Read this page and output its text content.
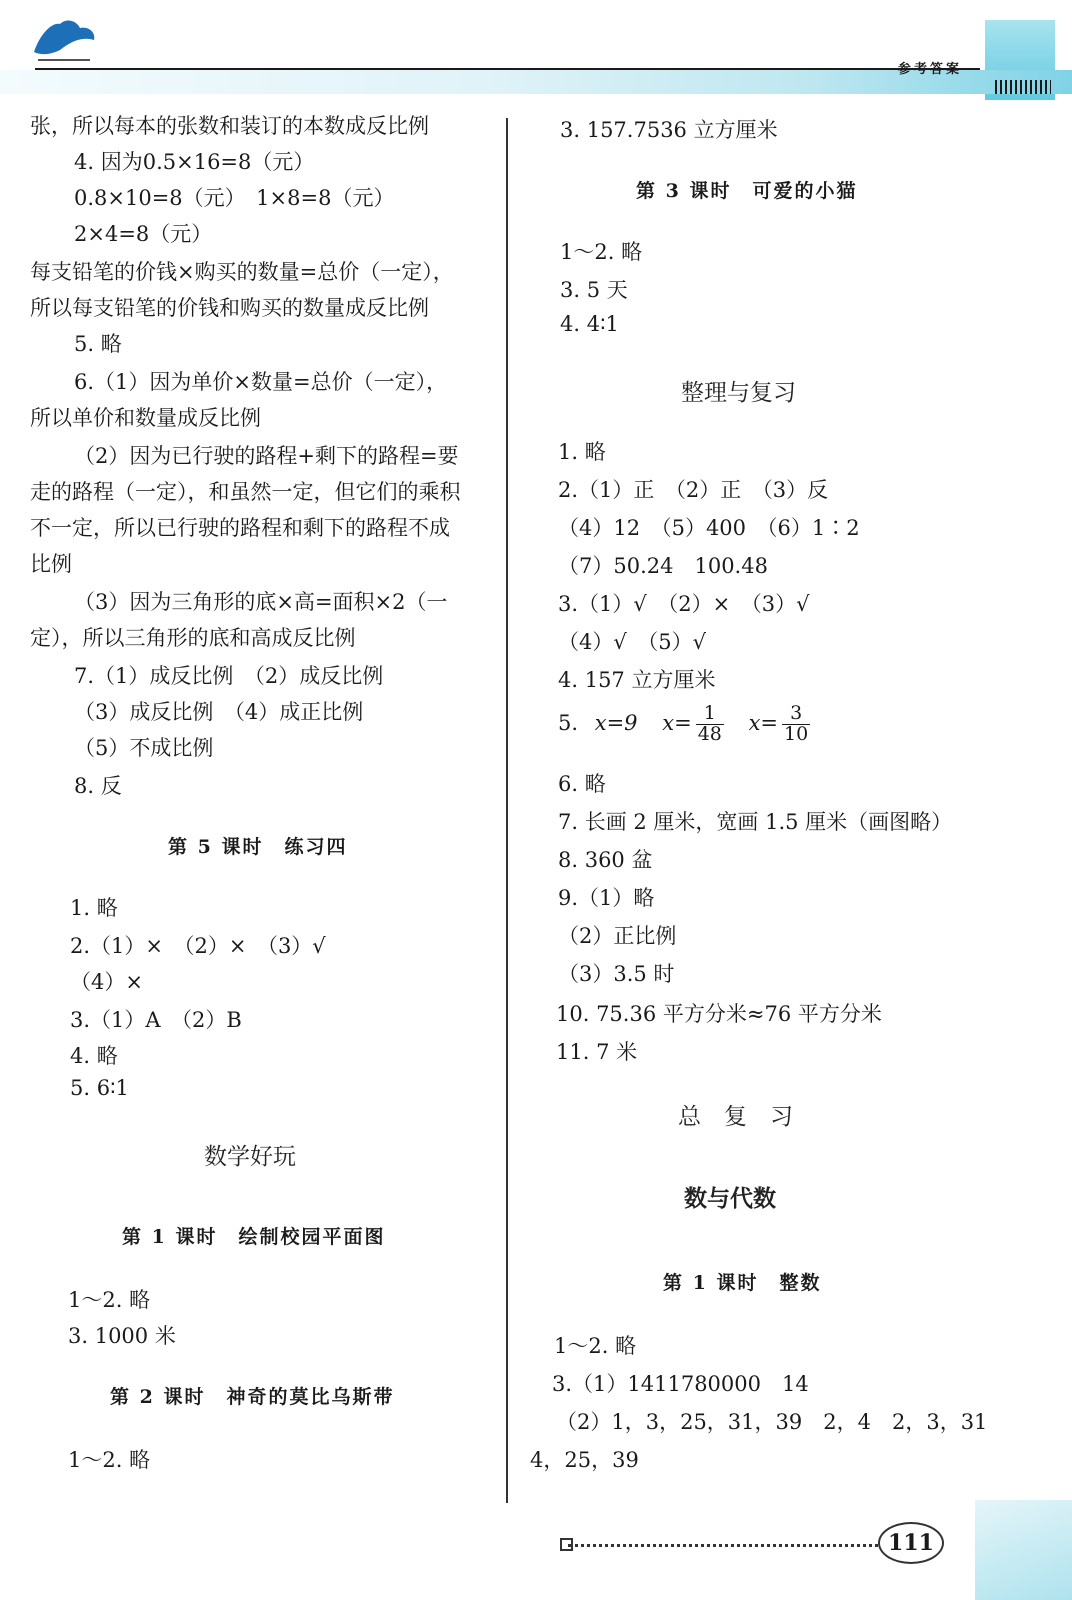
参考答案
张，所以每本的张数和装订的本数成反比例
4. 因为0.5×16=8（元）
0.8×10=8（元）　1×8=8（元）
2×4=8（元）
每支铅笔的价钱×购买的数量=总价（一定），
所以每支铅笔的价钱和购买的数量成反比例
5. 略
6.（1）因为单价×数量=总价（一定），
所以单价和数量成反比例
（2）因为已行驶的路程+剩下的路程=要
走的路程（一定），和虽然一定，但它们的乘积
不一定，所以已行驶的路程和剩下的路程不成
比例
（3）因为三角形的底×高=面积×2（一
定），所以三角形的底和高成反比例
7.（1）成反比例　（2）成反比例
（3）成反比例　（4）成正比例
（5）不成比例
8. 反
第 5 课时　练习四
1. 略
2.（1）×　（2）×　（3）√
（4）×
3.（1）A　（2）B
4. 略
5. 6∶1
数学好玩
第 1 课时　绘制校园平面图
1～2. 略
3. 1000 米
第 2 课时　神奇的莫比乌斯带
1～2. 略
3. 157.7536 立方厘米
第 3 课时　可爱的小猫
1～2. 略
3. 5 天
4. 4∶1
整理与复习
1. 略
2.（1）正　（2）正　（3）反
（4）12　（5）400　（6）1∶2
（7）50.24　100.48
3.（1）√　（2）×　（3）√
（4）√　（5）√
4. 157 立方厘米
5. x=9 $x= \frac{1}{48} x= \frac{3}{10}$
6. 略
7. 长画 2 厘米，宽画 1.5 厘米（画图略）
8. 360 盆
9.（1）略
（2）正比例
（3）3.5 时
10. 75.36 平方分米≈76 平方分米
11. 7 米
总　复　习
数与代数
第 1 课时　整数
1～2. 略
3.（1）1411780000　14
（2）1，3，25，31，39　2，4　2，3，31
4，25，39
111
